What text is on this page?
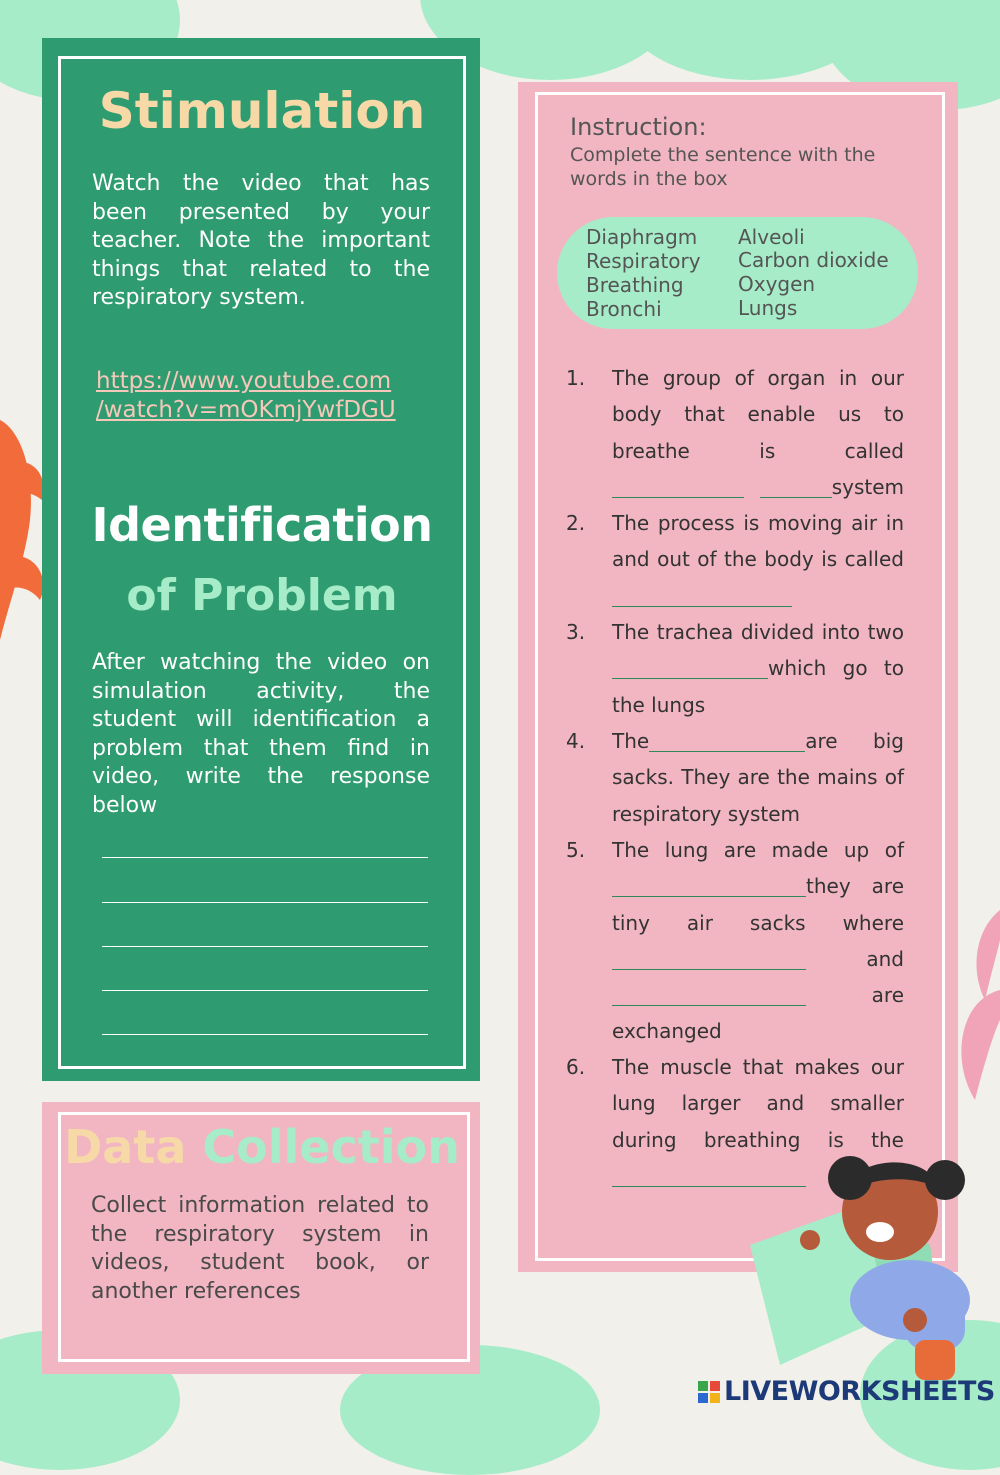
Stimulation
Watch the video that has been presented by your teacher. Note the important things that related to the respiratory system.
https://www.youtube.com
/watch?v=mOKmjYwfDGU
Identification
of Problem
After watching the video on simulation activity, the student will identification a problem that them find in video, write the response below
Data Collection
Collect information related to the respiratory system in videos, student book, or another references
Instruction:
Complete the sentence with the words in the box
Diaphragm
Respiratory
Breathing
Bronchi
Alveoli
Carbon dioxide
Oxygen
Lungs
1. The group of organ in our body that enable us to breathe is called  system
2. The process is moving air in and out of the body is called
3. The trachea divided into two which go to the lungs
4. The	are big sacks. They are the mains of respiratory system
5. The lung are made up of they are tiny air sacks where  and  are exchanged
6. The muscle that makes our lung larger and smaller during breathing is the
LIVEWORKSHEETS
